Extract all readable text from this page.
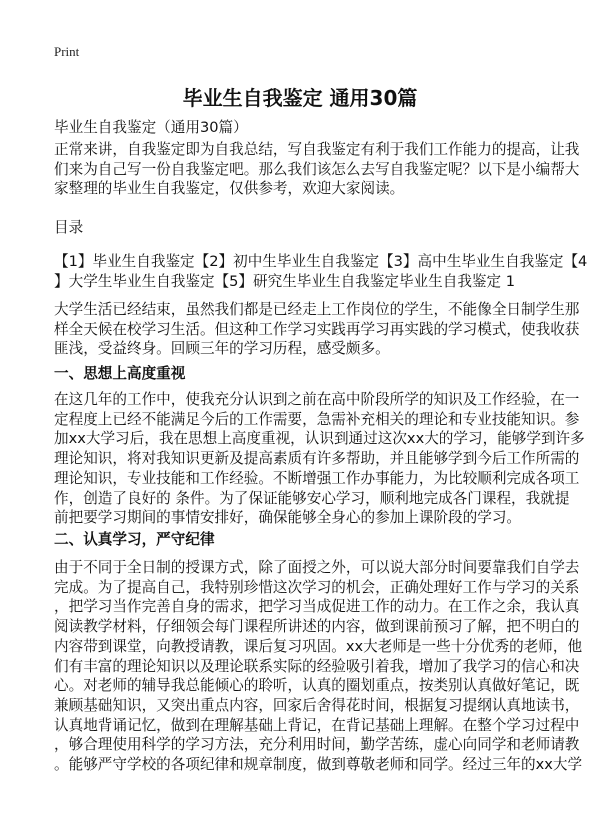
Print
毕业生自我鉴定 通用30篇
毕业生自我鉴定（通用30篇）
正常来讲，自我鉴定即为自我总结，写自我鉴定有利于我们工作能力的提高，让我
们来为自己写一份自我鉴定吧。那么我们该怎么去写自我鉴定呢？以下是小编帮大
家整理的毕业生自我鉴定，仅供参考，欢迎大家阅读。
目录
【1】毕业生自我鉴定【2】初中生毕业生自我鉴定【3】高中生毕业生自我鉴定【4
】大学生毕业生自我鉴定【5】研究生毕业生自我鉴定毕业生自我鉴定 1
大学生活已经结束，虽然我们都是已经走上工作岗位的学生，不能像全日制学生那
样全天候在校学习生活。但这种工作学习实践再学习再实践的学习模式，使我收获
匪浅，受益终身。回顾三年的学习历程，感受颇多。
一、思想上高度重视
在这几年的工作中，使我充分认识到之前在高中阶段所学的知识及工作经验，在一
定程度上已经不能满足今后的工作需要，急需补充相关的理论和专业技能知识。参
加xx大学习后，我在思想上高度重视，认识到通过这次xx大的学习，能够学到许多
理论知识，将对我知识更新及提高素质有许多帮助，并且能够学到今后工作所需的
理论知识，专业技能和工作经验。不断增强工作办事能力，为比较顺利完成各项工
作，创造了良好的 条件。为了保证能够安心学习，顺利地完成各门课程，我就提
前把要学习期间的事情安排好，确保能够全身心的参加上课阶段的学习。
二、认真学习，严守纪律
由于不同于全日制的授课方式，除了面授之外，可以说大部分时间要靠我们自学去
完成。为了提高自己，我特别珍惜这次学习的机会，正确处理好工作与学习的关系
，把学习当作完善自身的需求，把学习当成促进工作的动力。在工作之余，我认真
阅读教学材料，仔细领会每门课程所讲述的内容，做到课前预习了解，把不明白的
内容带到课堂，向教授请教，课后复习巩固。xx大老师是一些十分优秀的老师，他
们有丰富的理论知识以及理论联系实际的经验吸引着我，增加了我学习的信心和决
心。对老师的辅导我总能倾心的聆听，认真的圈划重点，按类别认真做好笔记，既
兼顾基础知识，又突出重点内容，回家后舍得花时间，根据复习提纲认真地读书，
认真地背诵记忆，做到在理解基础上背记，在背记基础上理解。在整个学习过程中
，够合理使用科学的学习方法，充分利用时间，勤学苦练，虚心向同学和老师请教
。能够严守学校的各项纪律和规章制度，做到尊敬老师和同学。经过三年的xx大学
